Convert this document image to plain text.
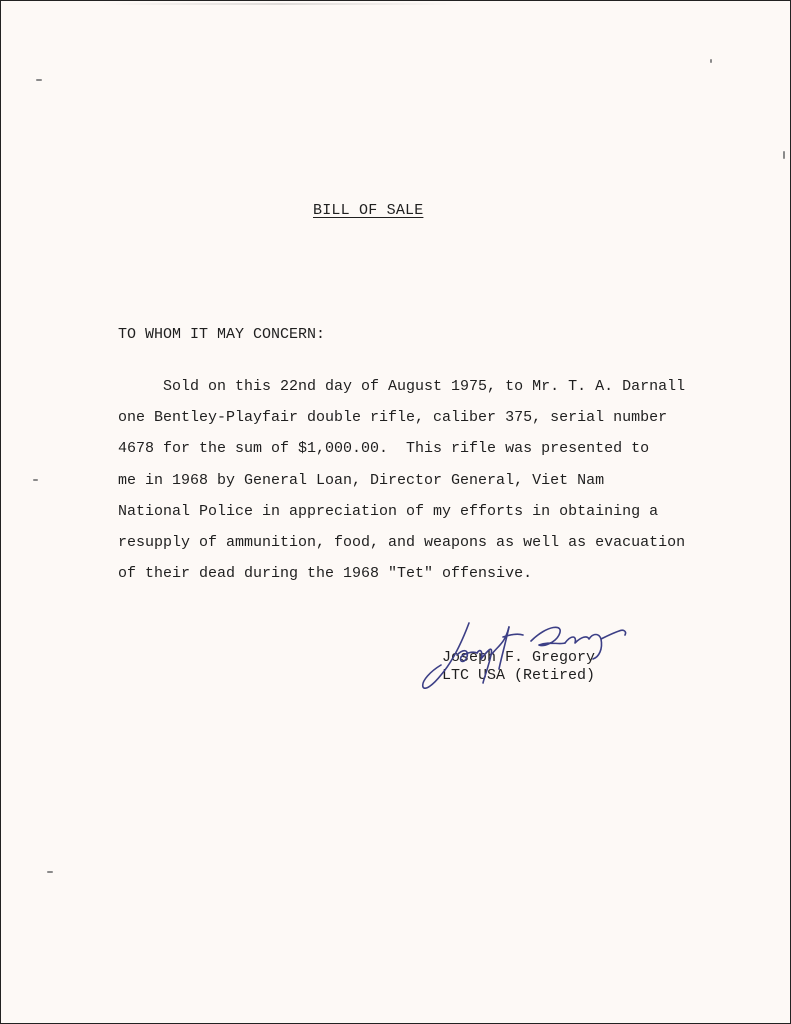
BILL OF SALE
TO WHOM IT MAY CONCERN:
Sold on this 22nd day of August 1975, to Mr. T. A. Darnall
one Bentley-Playfair double rifle, caliber 375, serial number
4678 for the sum of $1,000.00.  This rifle was presented to
me in 1968 by General Loan, Director General, Viet Nam
National Police in appreciation of my efforts in obtaining a
resupply of ammunition, food, and weapons as well as evacuation
of their dead during the 1968 "Tet" offensive.
Joseph F. Gregory
LTC USA (Retired)
